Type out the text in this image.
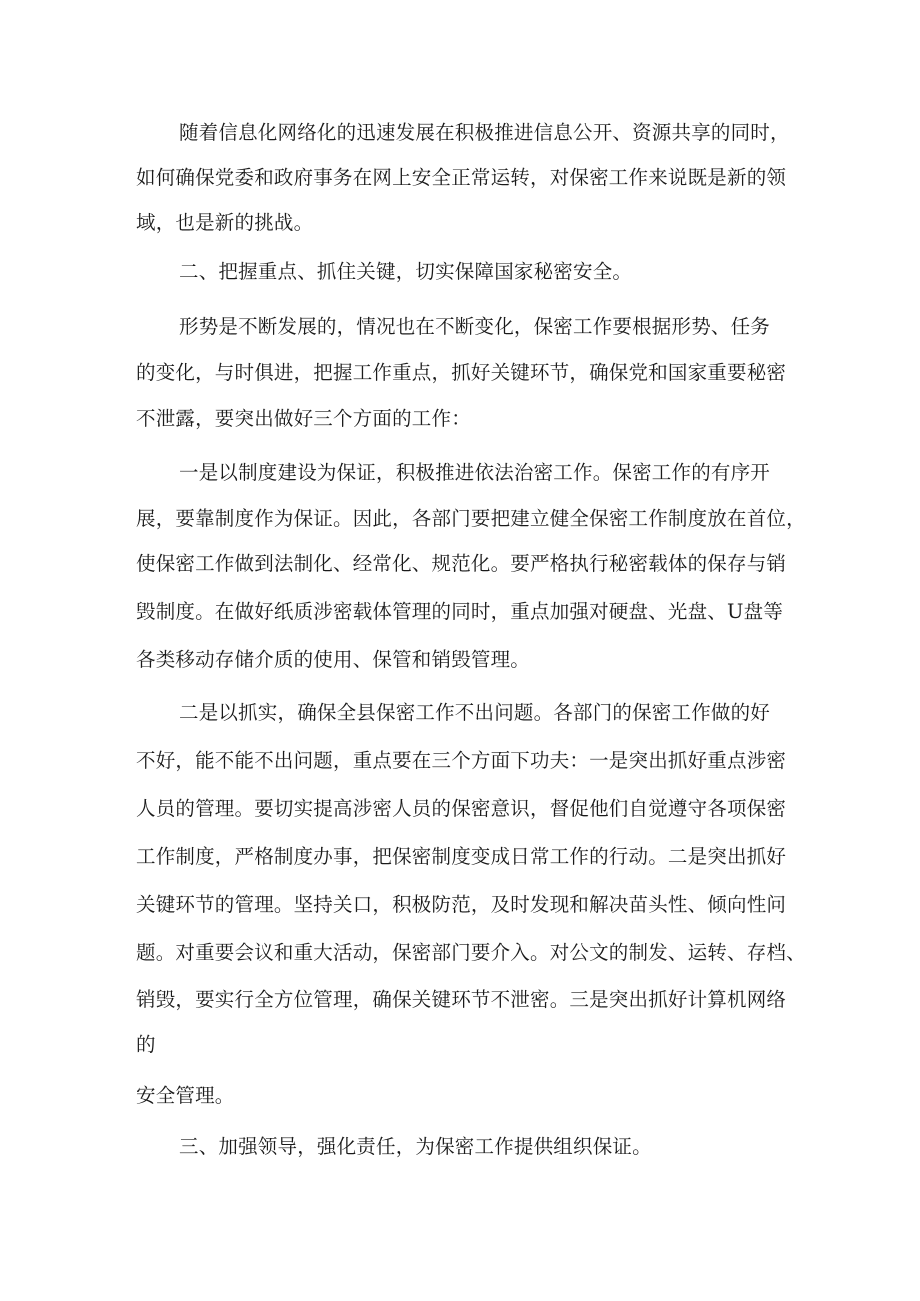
随着信息化网络化的迅速发展在积极推进信息公开、资源共享的同时，
如何确保党委和政府事务在网上安全正常运转，对保密工作来说既是新的领
域，也是新的挑战。
二、把握重点、抓住关键，切实保障国家秘密安全。
形势是不断发展的，情况也在不断变化，保密工作要根据形势、任务
的变化，与时俱进，把握工作重点，抓好关键环节，确保党和国家重要秘密
不泄露，要突出做好三个方面的工作：
一是以制度建设为保证，积极推进依法治密工作。保密工作的有序开
展，要靠制度作为保证。因此，各部门要把建立健全保密工作制度放在首位，
使保密工作做到法制化、经常化、规范化。要严格执行秘密载体的保存与销
毁制度。在做好纸质涉密载体管理的同时，重点加强对硬盘、光盘、U盘等
各类移动存储介质的使用、保管和销毁管理。
二是以抓实，确保全县保密工作不出问题。各部门的保密工作做的好
不好，能不能不出问题，重点要在三个方面下功夫：一是突出抓好重点涉密
人员的管理。要切实提高涉密人员的保密意识，督促他们自觉遵守各项保密
工作制度，严格制度办事，把保密制度变成日常工作的行动。二是突出抓好
关键环节的管理。坚持关口，积极防范，及时发现和解决苗头性、倾向性问
题。对重要会议和重大活动，保密部门要介入。对公文的制发、运转、存档、
销毁，要实行全方位管理，确保关键环节不泄密。三是突出抓好计算机网络
的
安全管理。
三、加强领导，强化责任，为保密工作提供组织保证。
